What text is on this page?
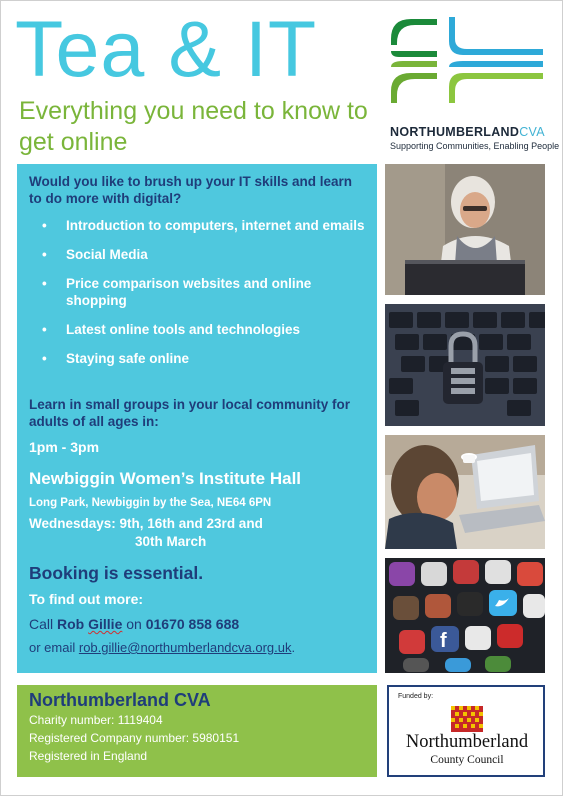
Tea & IT
Everything you need to know to get online	NORTHUMBERLANDCVA
Supporting Communities, Enabling People
Would you like to brush up your IT skills and learn to do more with digital?
• Introduction to computers, internet and emails
• Social Media
• Price comparison websites and online shopping
• Latest online tools and technologies
• Staying safe online
Learn in small groups in your local community for adults of all ages in:
1pm - 3pm
Newbiggin Women’s Institute Hall
Long Park, Newbiggin by the Sea, NE64 6PN
Wednesdays: 9th, 16th and 23rd and
30th March
Booking is essential.
To find out more:
Call Rob Gillie on 01670 858 688
or email rob.gillie@northumberlandcva.org.uk.	f
Northumberland CVA
Charity number: 1119404
Registered Company number: 5980151
Registered in England
Funded by:
Northumberland
County Council
